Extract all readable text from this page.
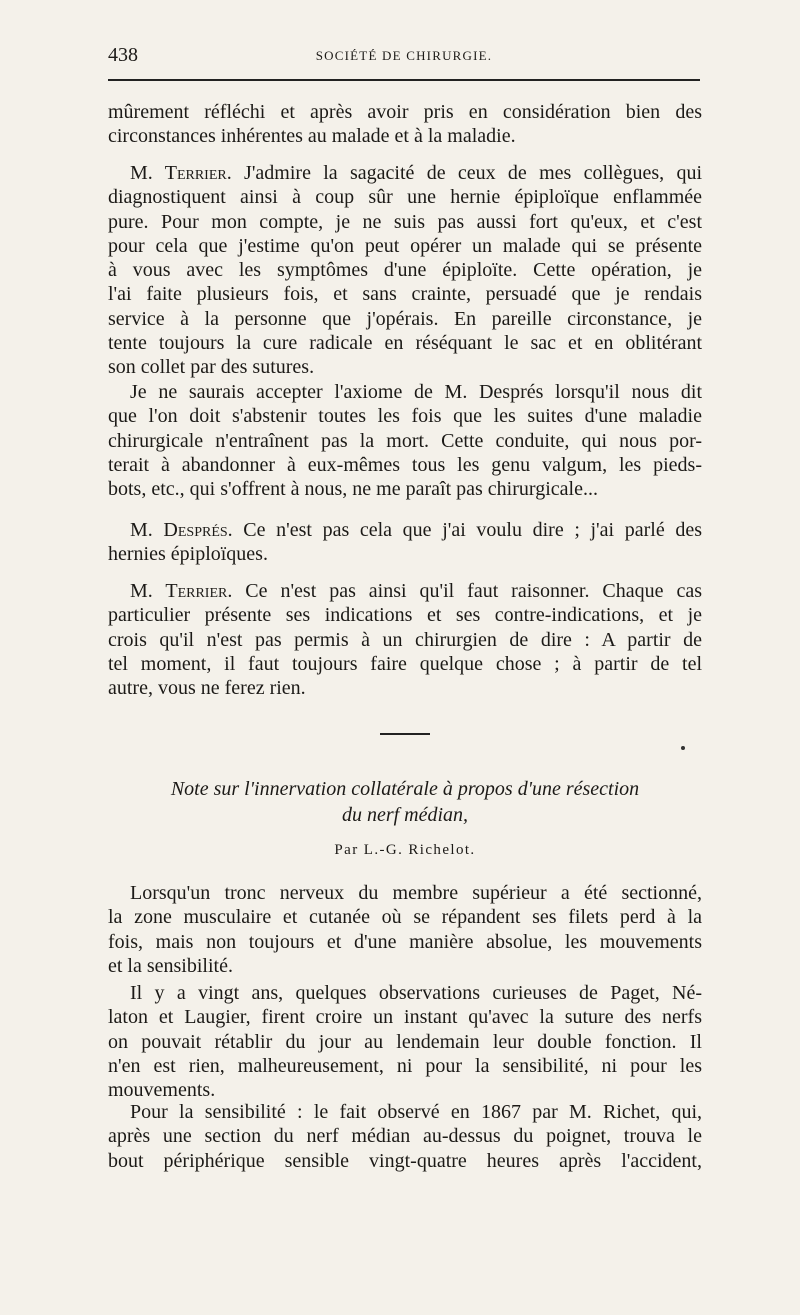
438	SOCIÉTÉ DE CHIRURGIE.
mûrement réfléchi et après avoir pris en considération bien des
circonstances inhérentes au malade et à la maladie.
M. Terrier. J'admire la sagacité de ceux de mes collègues, qui
diagnostiquent ainsi à coup sûr une hernie épiploïque enflammée
pure. Pour mon compte, je ne suis pas aussi fort qu'eux, et c'est
pour cela que j'estime qu'on peut opérer un malade qui se présente
à vous avec les symptômes d'une épiploïte. Cette opération, je
l'ai faite plusieurs fois, et sans crainte, persuadé que je rendais
service à la personne que j'opérais. En pareille circonstance, je
tente toujours la cure radicale en réséquant le sac et en oblitérant
son collet par des sutures.
Je ne saurais accepter l'axiome de M. Després lorsqu'il nous dit
que l'on doit s'abstenir toutes les fois que les suites d'une maladie
chirurgicale n'entraînent pas la mort. Cette conduite, qui nous por-
terait à abandonner à eux-mêmes tous les genu valgum, les pieds-
bots, etc., qui s'offrent à nous, ne me paraît pas chirurgicale...
M. Després. Ce n'est pas cela que j'ai voulu dire ; j'ai parlé des
hernies épiploïques.
M. Terrier. Ce n'est pas ainsi qu'il faut raisonner. Chaque cas
particulier présente ses indications et ses contre-indications, et je
crois qu'il n'est pas permis à un chirurgien de dire : A partir de
tel moment, il faut toujours faire quelque chose ; à partir de tel
autre, vous ne ferez rien.
Note sur l'innervation collatérale à propos d'une résection
du nerf médian,
Par L.-G. Richelot.
Lorsqu'un tronc nerveux du membre supérieur a été sectionné,
la zone musculaire et cutanée où se répandent ses filets perd à la
fois, mais non toujours et d'une manière absolue, les mouvements
et la sensibilité.
Il y a vingt ans, quelques observations curieuses de Paget, Né-
laton et Laugier, firent croire un instant qu'avec la suture des nerfs
on pouvait rétablir du jour au lendemain leur double fonction. Il
n'en est rien, malheureusement, ni pour la sensibilité, ni pour les
mouvements.
Pour la sensibilité : le fait observé en 1867 par M. Richet, qui,
après une section du nerf médian au-dessus du poignet, trouva le
bout périphérique sensible vingt-quatre heures après l'accident,
